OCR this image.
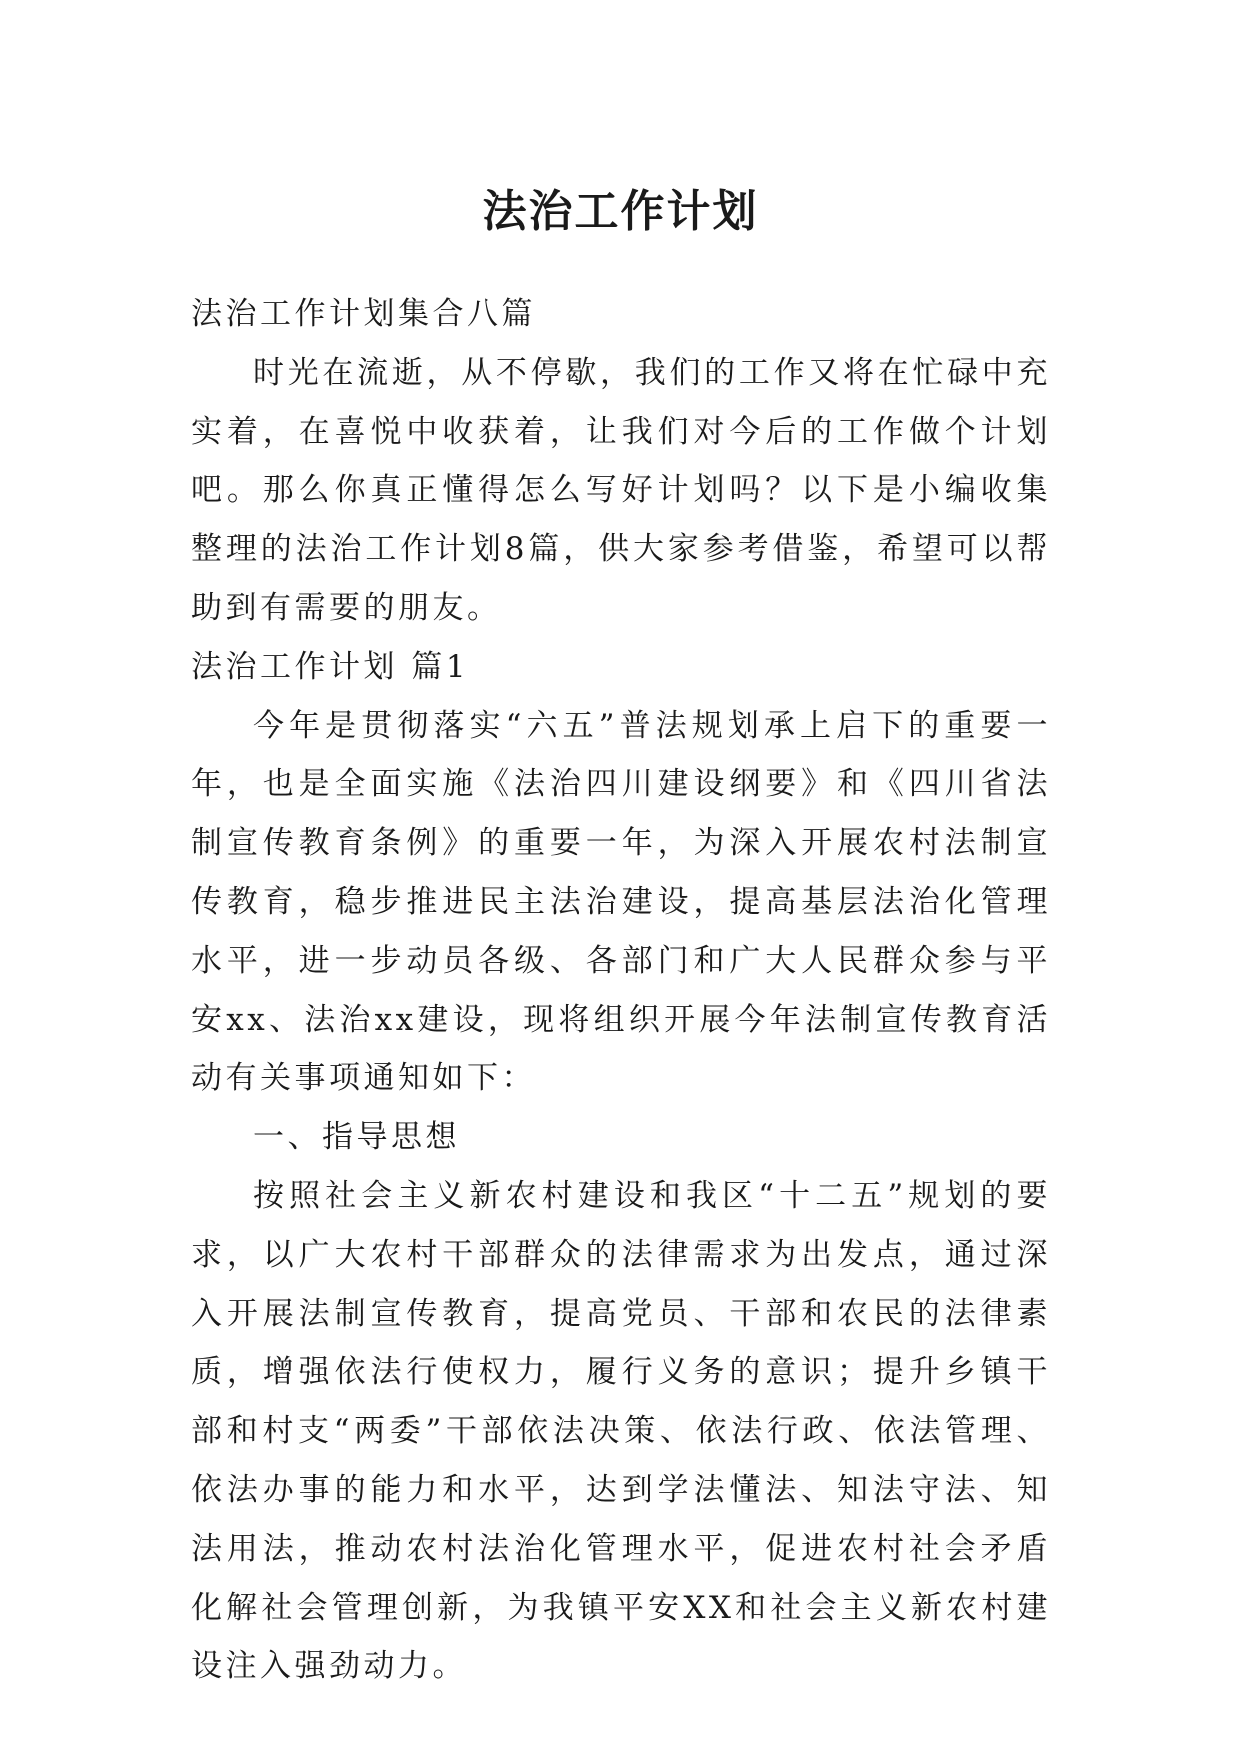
法治工作计划

法治工作计划集合八篇

时光在流逝，从不停歇，我们的工作又将在忙碌中充实着，在喜悦中收获着，让我们对今后的工作做个计划吧。那么你真正懂得怎么写好计划吗？以下是小编收集整理的法治工作计划8篇，供大家参考借鉴，希望可以帮助到有需要的朋友。

法治工作计划 篇1

今年是贯彻落实“六五”普法规划承上启下的重要一年，也是全面实施《法治四川建设纲要》和《四川省法制宣传教育条例》的重要一年，为深入开展农村法制宣传教育，稳步推进民主法治建设，提高基层法治化管理水平，进一步动员各级、各部门和广大人民群众参与平安xx、法治xx建设，现将组织开展今年法制宣传教育活动有关事项通知如下：

一、指导思想

按照社会主义新农村建设和我区“十二五”规划的要求，以广大农村干部群众的法律需求为出发点，通过深入开展法制宣传教育，提高党员、干部和农民的法律素质，增强依法行使权力，履行义务的意识；提升乡镇干部和村支“两委”干部依法决策、依法行政、依法管理、依法办事的能力和水平，达到学法懂法、知法守法、知法用法，推动农村法治化管理水平，促进农村社会矛盾化解社会管理创新，为我镇平安XX和社会主义新农村建设注入强劲动力。
